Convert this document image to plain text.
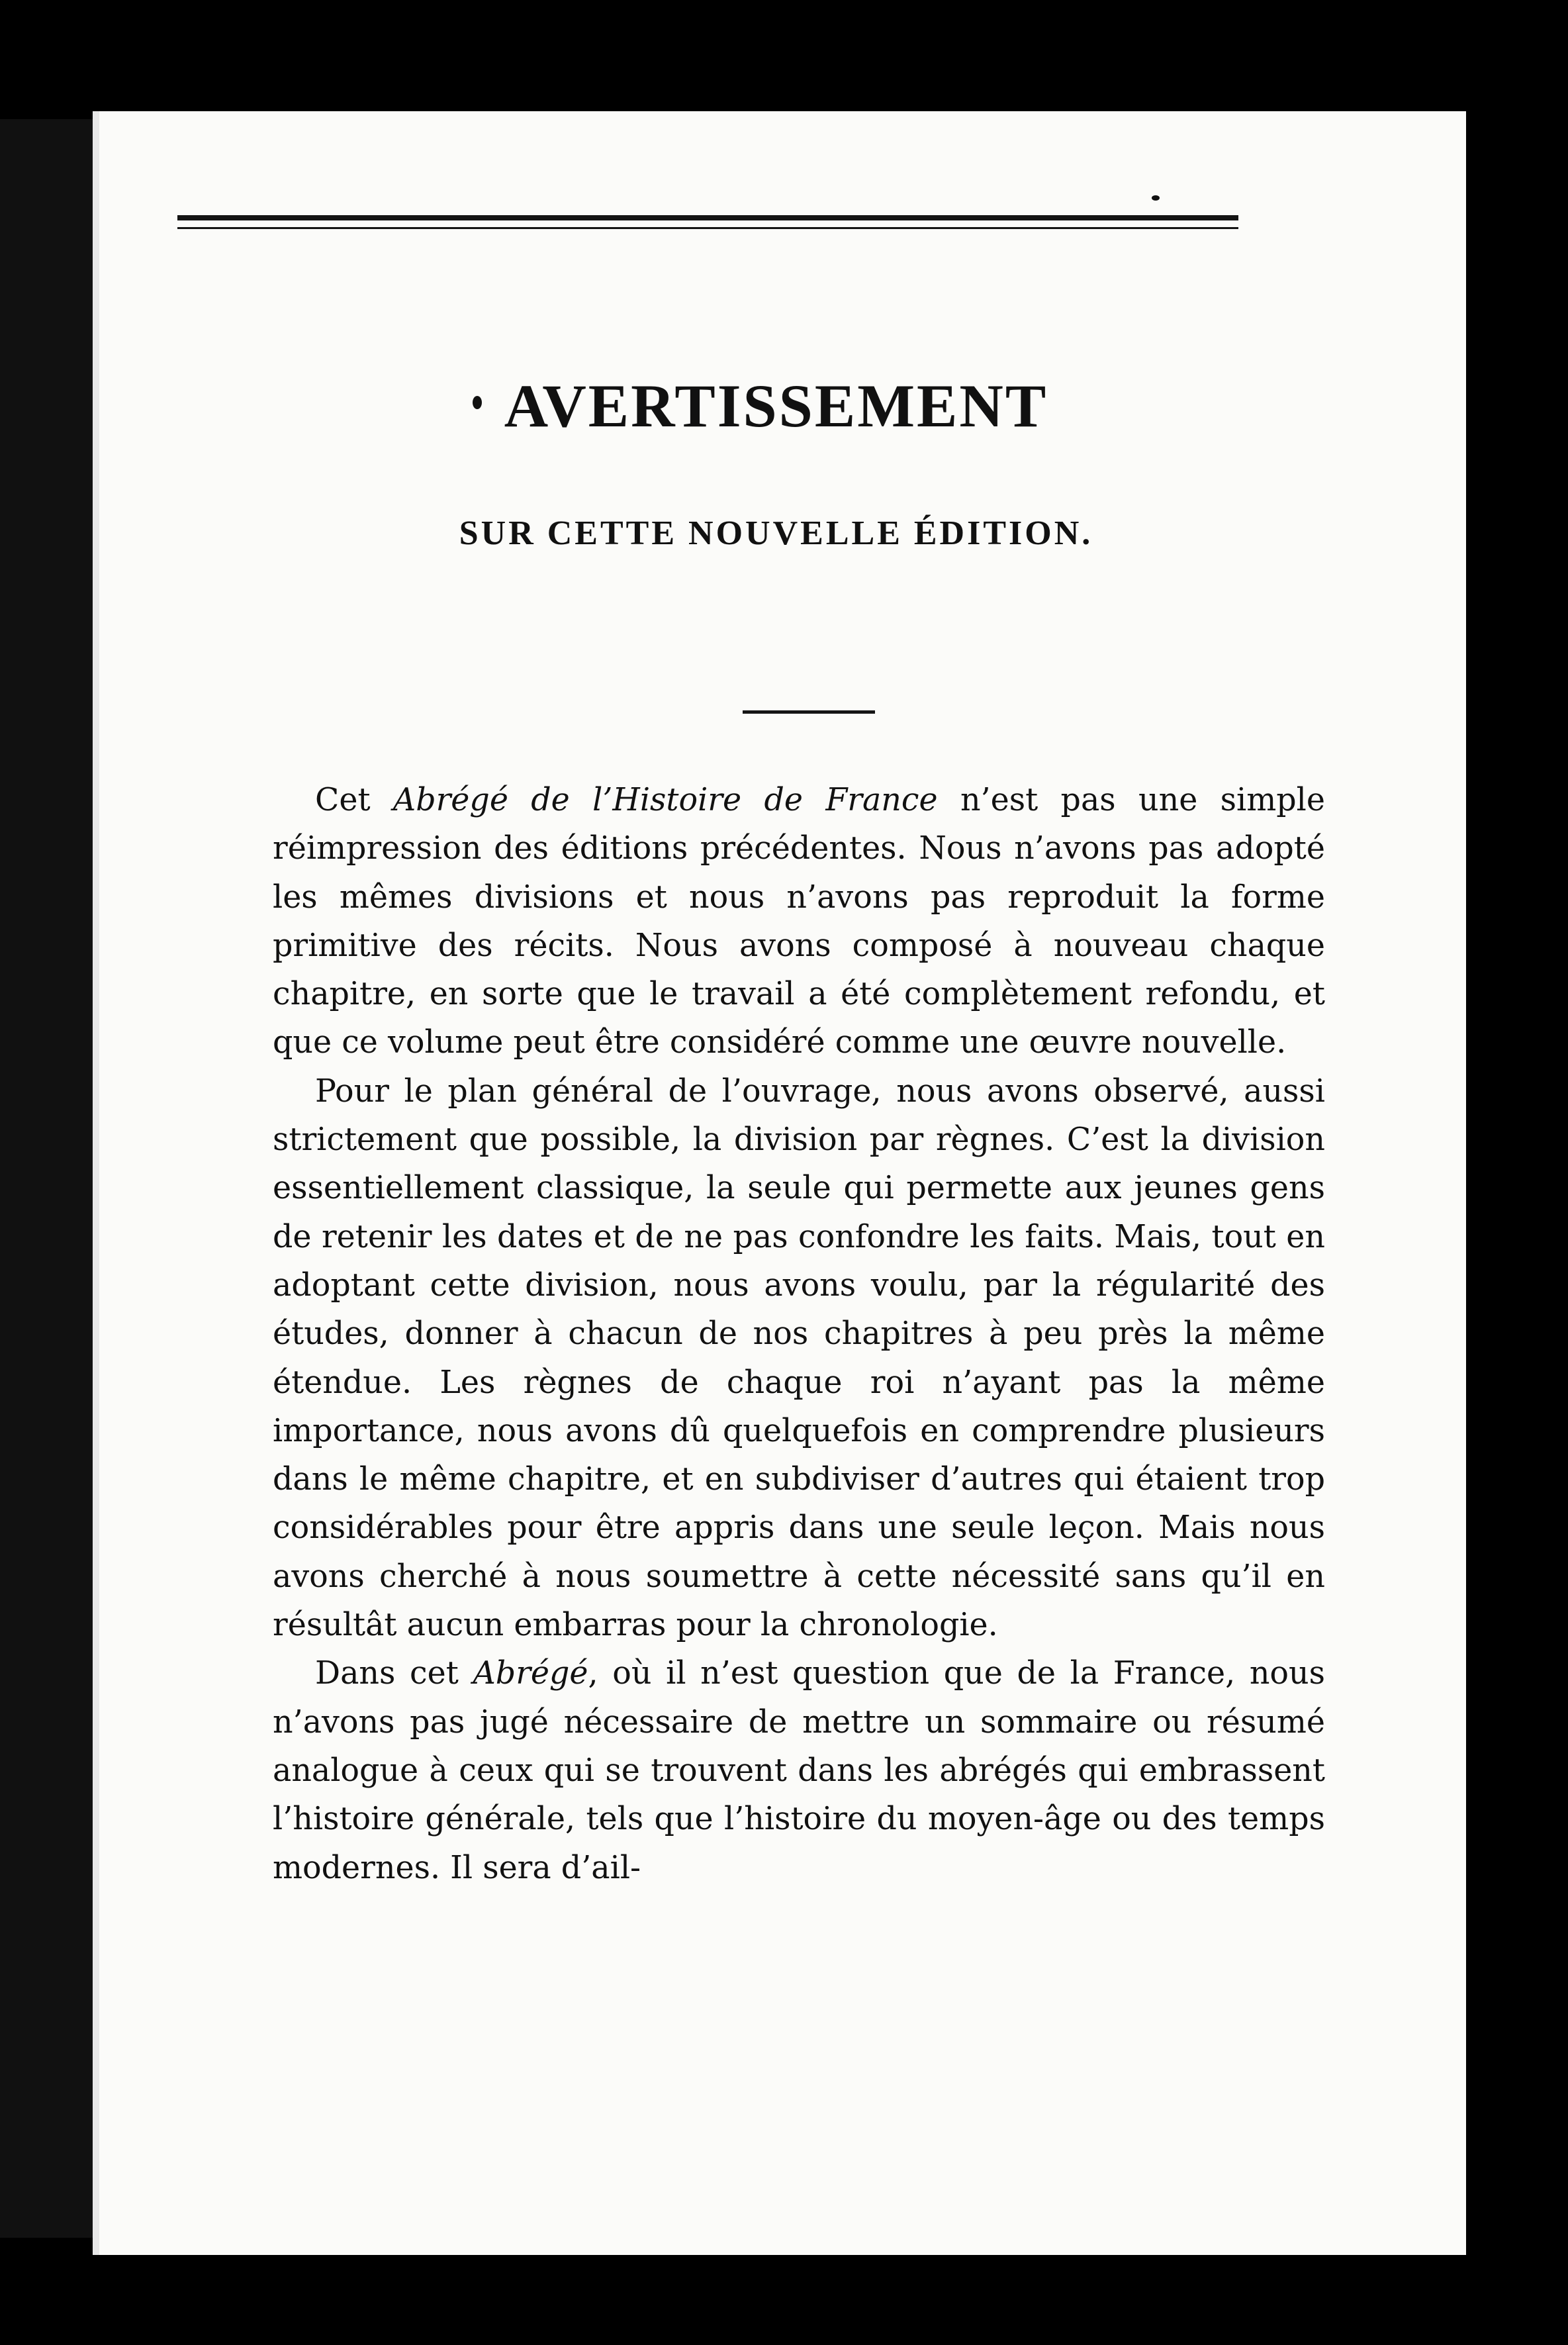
AVERTISSEMENT
SUR CETTE NOUVELLE ÉDITION.

Cet Abrégé de l’Histoire de France n’est pas une simple réimpression des éditions précédentes. Nous n’avons pas adopté les mêmes divisions et nous n’avons pas reproduit la forme primitive des récits. Nous avons composé à nouveau chaque chapitre, en sorte que le travail a été complètement refondu, et que ce volume peut être considéré comme une œuvre nouvelle.

Pour le plan général de l’ouvrage, nous avons observé, aussi strictement que possible, la division par règnes. C’est la division essentiellement classique, la seule qui permette aux jeunes gens de retenir les dates et de ne pas confondre les faits. Mais, tout en adoptant cette division, nous avons voulu, par la régularité des études, donner à chacun de nos chapitres à peu près la même étendue. Les règnes de chaque roi n’ayant pas la même importance, nous avons dû quelquefois en comprendre plusieurs dans le même chapitre, et en subdiviser d’autres qui étaient trop considérables pour être appris dans une seule leçon. Mais nous avons cherché à nous soumettre à cette nécessité sans qu’il en résultât aucun embarras pour la chronologie.

Dans cet Abrégé, où il n’est question que de la France, nous n’avons pas jugé nécessaire de mettre un sommaire ou résumé analogue à ceux qui se trouvent dans les abrégés qui embrassent l’histoire générale, tels que l’histoire du moyen-âge ou des temps modernes. Il sera d’ail-
